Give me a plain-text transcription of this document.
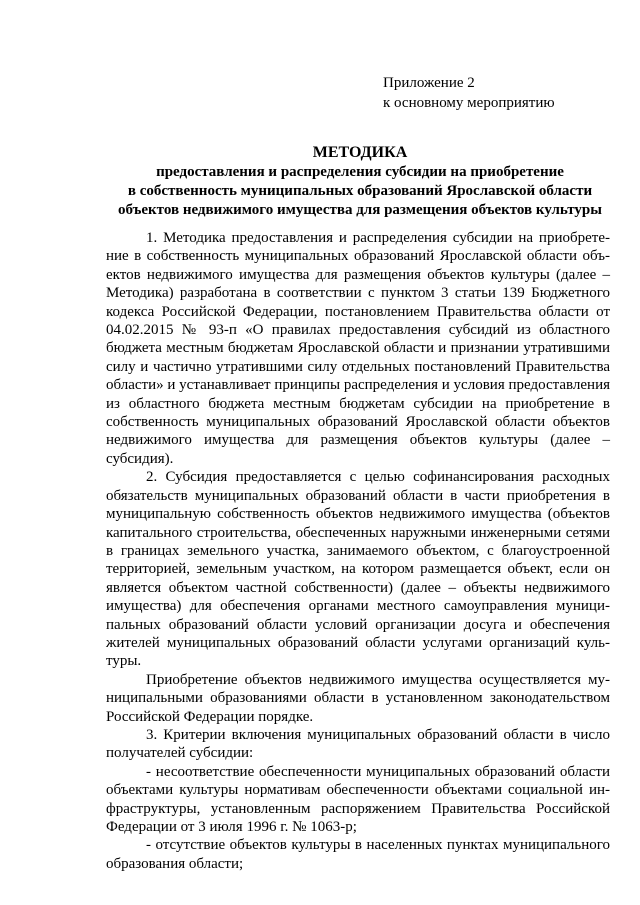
Приложение 2
к основному мероприятию
МЕТОДИКА
предоставления и распределения субсидии на приобретение
в собственность муниципальных образований Ярославской области
объектов недвижимого имущества для размещения объектов культуры

1. Методика предоставления и распределения субсидии на приобретение в собственность муниципальных образований Ярославской области объектов недвижимого имущества для размещения объектов культуры (далее – Методика) разработана в соответствии с пунктом 3 статьи 139 Бюджетного кодекса Российской Федерации, постановлением Правительства области от 04.02.2015 № 93-п «О правилах предоставления субсидий из областного бюджета местным бюджетам Ярославской области и признании утратившими силу и частично утратившими силу отдельных постановлений Правительства области» и устанавливает принципы распределения и условия предоставления из областного бюджета местным бюджетам субсидии на приобретение в собственность муниципальных образований Ярославской области объектов недвижимого имущества для размещения объектов культуры (далее – субсидия).

2. Субсидия предоставляется с целью софинансирования расходных обязательств муниципальных образований области в части приобретения в муниципальную собственность объектов недвижимого имущества (объектов капитального строительства, обеспеченных наружными инженерными сетями в границах земельного участка, занимаемого объектом, с благоустроенной территорией, земельным участком, на котором размещается объект, если он является объектом частной собственности) (далее – объекты недвижимого имущества) для обеспечения органами местного самоуправления муниципальных образований области условий организации досуга и обеспечения жителей муниципальных образований области услугами организаций культуры.

Приобретение объектов недвижимого имущества осуществляется муниципальными образованиями области в установленном законодательством Российской Федерации порядке.

3. Критерии включения муниципальных образований области в число получателей субсидии:

- несоответствие обеспеченности муниципальных образований области объектами культуры нормативам обеспеченности объектами социальной инфраструктуры, установленным распоряжением Правительства Российской Федерации от 3 июля 1996 г. № 1063-р;

- отсутствие объектов культуры в населенных пунктах муниципального образования области;
